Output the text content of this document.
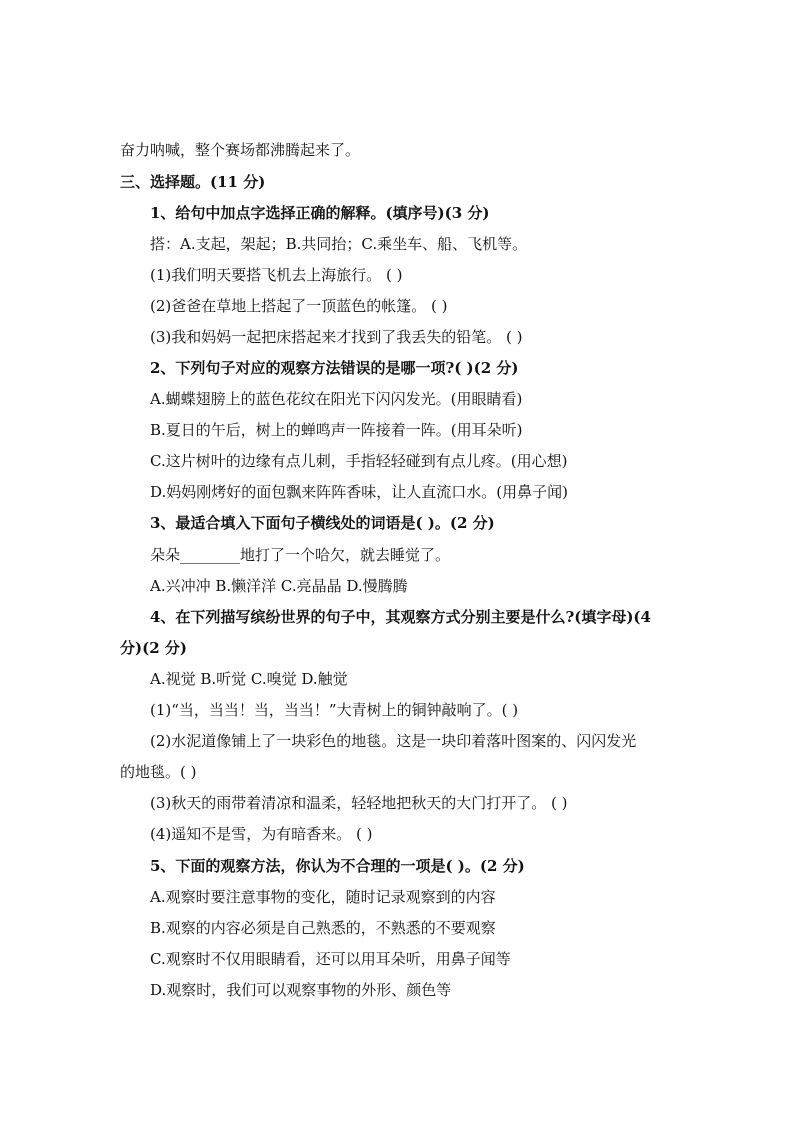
奋力呐喊，整个赛场都沸腾起来了。
三、选择题。(11 分)
1、给句中加点字选择正确的解释。(填序号)(3 分)
搭：A.支起，架起；B.共同抬；C.乘坐车、船、飞机等。
(1)我们明天要搭飞机去上海旅行。 ( )
(2)爸爸在草地上搭起了一顶蓝色的帐篷。 ( )
(3)我和妈妈一起把床搭起来才找到了我丢失的铅笔。 ( )
2、下列句子对应的观察方法错误的是哪一项?( )(2 分)
A.蝴蝶翅膀上的蓝色花纹在阳光下闪闪发光。(用眼睛看)
B.夏日的午后，树上的蝉鸣声一阵接着一阵。(用耳朵听)
C.这片树叶的边缘有点儿刺，手指轻轻碰到有点儿疼。(用心想)
D.妈妈刚烤好的面包飘来阵阵香味，让人直流口水。(用鼻子闻)
3、最适合填入下面句子横线处的词语是( )。(2 分)
朵朵________地打了一个哈欠，就去睡觉了。
A.兴冲冲 B.懒洋洋 C.亮晶晶 D.慢腾腾
4、在下列描写缤纷世界的句子中，其观察方式分别主要是什么?(填字母)(4
分)(2 分)
A.视觉 B.听觉 C.嗅觉 D.触觉
(1)“当，当当！当，当当！”大青树上的铜钟敲响了。( )
(2)水泥道像铺上了一块彩色的地毯。这是一块印着落叶图案的、闪闪发光
的地毯。( )
(3)秋天的雨带着清凉和温柔，轻轻地把秋天的大门打开了。 ( )
(4)遥知不是雪，为有暗香来。 ( )
5、下面的观察方法，你认为不合理的一项是( )。(2 分)
A.观察时要注意事物的变化，随时记录观察到的内容
B.观察的内容必须是自己熟悉的，不熟悉的不要观察
C.观察时不仅用眼睛看，还可以用耳朵听，用鼻子闻等
D.观察时，我们可以观察事物的外形、颜色等
